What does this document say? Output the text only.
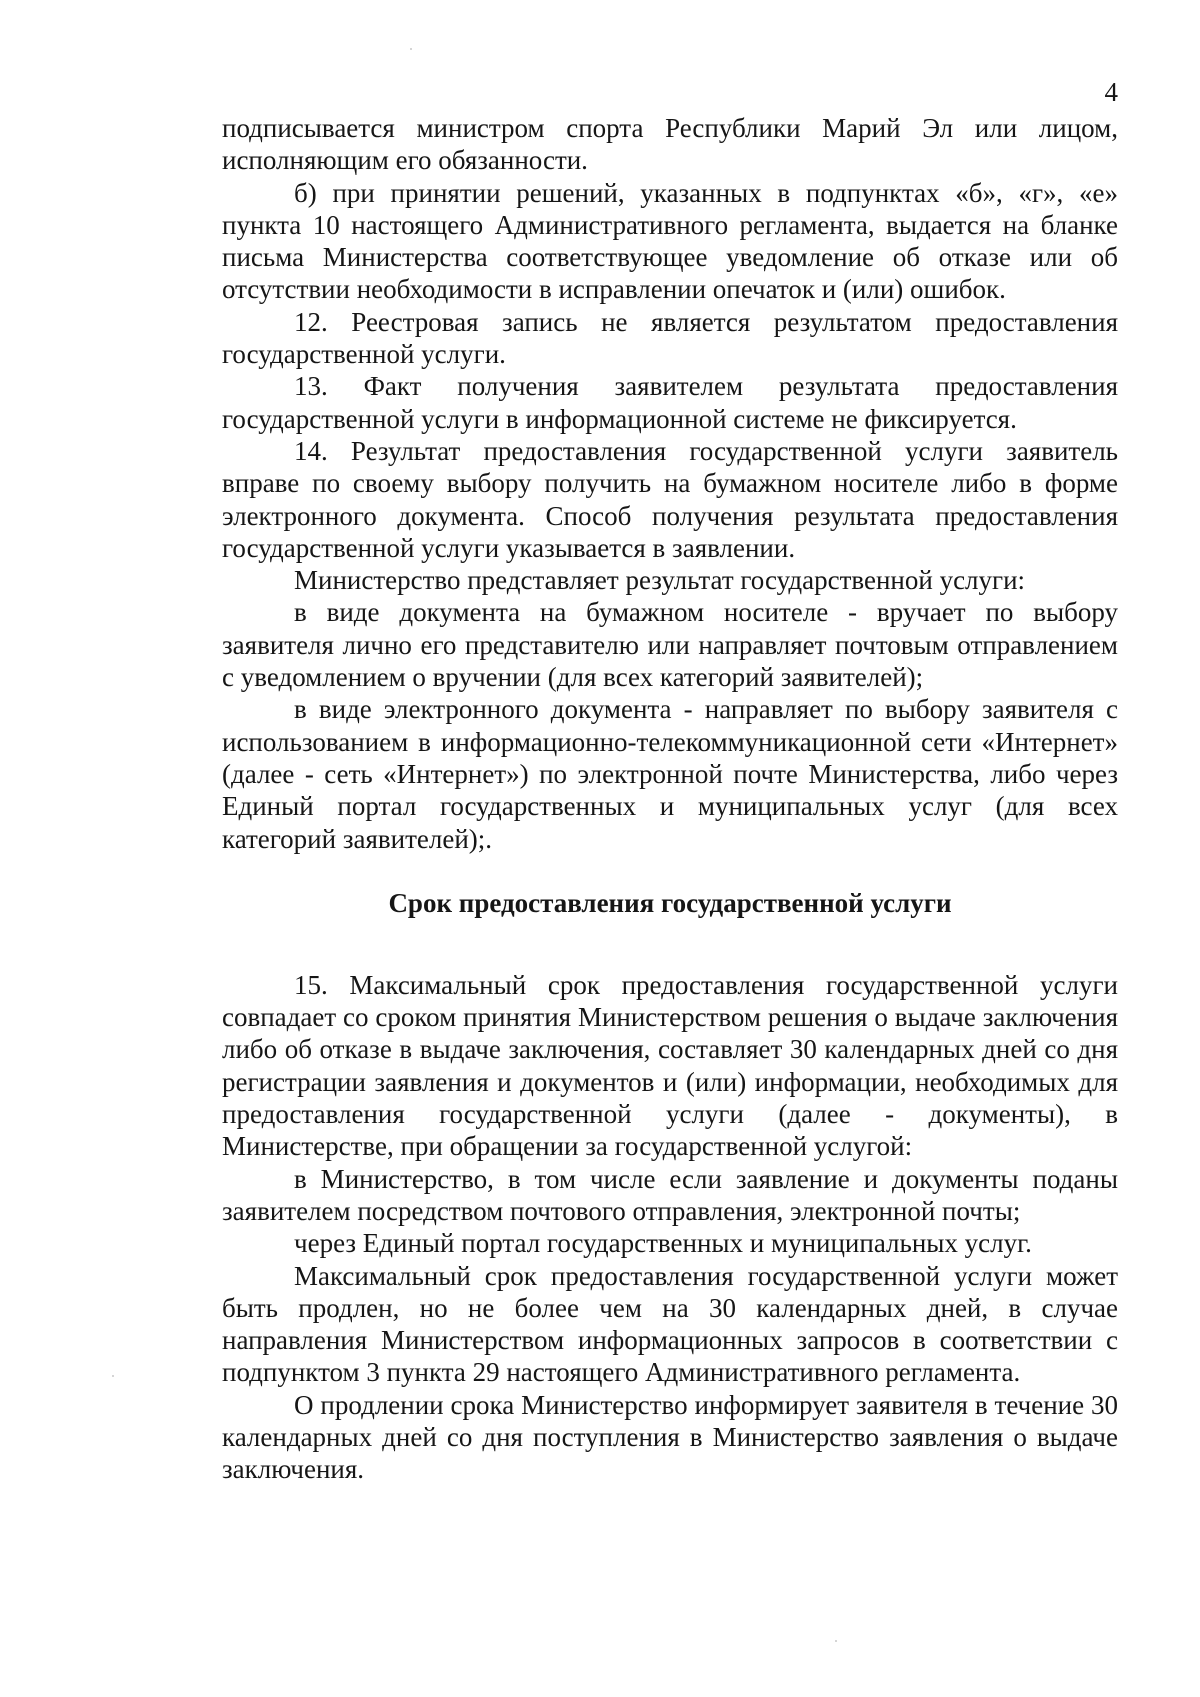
4

подписывается министром спорта Республики Марий Эл или лицом, исполняющим его обязанности.

б) при принятии решений, указанных в подпунктах «б», «г», «е» пункта 10 настоящего Административного регламента, выдается на бланке письма Министерства соответствующее уведомление об отказе или об отсутствии необходимости в исправлении опечаток и (или) ошибок.

12. Реестровая запись не является результатом предоставления государственной услуги.

13. Факт получения заявителем результата предоставления государственной услуги в информационной системе не фиксируется.

14. Результат предоставления государственной услуги заявитель вправе по своему выбору получить на бумажном носителе либо в форме электронного документа. Способ получения результата предоставления государственной услуги указывается в заявлении.

Министерство представляет результат государственной услуги:

в виде документа на бумажном носителе - вручает по выбору заявителя лично его представителю или направляет почтовым отправлением с уведомлением о вручении (для всех категорий заявителей);

в виде электронного документа - направляет по выбору заявителя с использованием в информационно-телекоммуникационной сети «Интернет» (далее - сеть «Интернет») по электронной почте Министерства, либо через Единый портал государственных и муниципальных услуг (для всех категорий заявителей);.

Срок предоставления государственной услуги

15. Максимальный срок предоставления государственной услуги совпадает со сроком принятия Министерством решения о выдаче заключения либо об отказе в выдаче заключения, составляет 30 календарных дней со дня регистрации заявления и документов и (или) информации, необходимых для предоставления государственной услуги (далее - документы), в Министерстве, при обращении за государственной услугой:

в Министерство, в том числе если заявление и документы поданы заявителем посредством почтового отправления, электронной почты;

через Единый портал государственных и муниципальных услуг.

Максимальный срок предоставления государственной услуги может быть продлен, но не более чем на 30 календарных дней, в случае направления Министерством информационных запросов в соответствии с подпунктом 3 пункта 29 настоящего Административного регламента.

О продлении срока Министерство информирует заявителя в течение 30 календарных дней со дня поступления в Министерство заявления о выдаче заключения.
